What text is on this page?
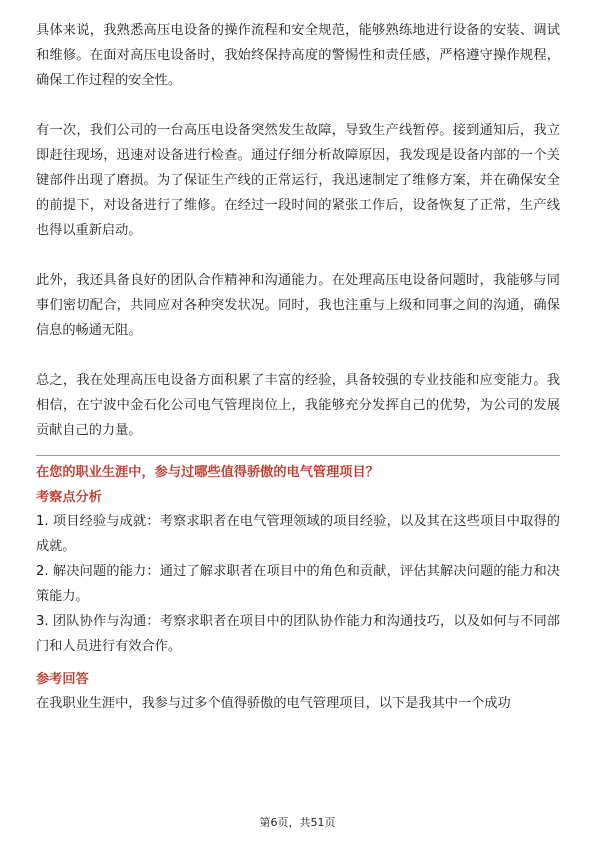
具体来说，我熟悉高压电设备的操作流程和安全规范，能够熟练地进行设备的安装、调试和维修。在面对高压电设备时，我始终保持高度的警惕性和责任感，严格遵守操作规程，确保工作过程的安全性。

有一次，我们公司的一台高压电设备突然发生故障，导致生产线暂停。接到通知后，我立即赶往现场，迅速对设备进行检查。通过仔细分析故障原因，我发现是设备内部的一个关键部件出现了磨损。为了保证生产线的正常运行，我迅速制定了维修方案，并在确保安全的前提下，对设备进行了维修。在经过一段时间的紧张工作后，设备恢复了正常，生产线也得以重新启动。

此外，我还具备良好的团队合作精神和沟通能力。在处理高压电设备问题时，我能够与同事们密切配合，共同应对各种突发状况。同时，我也注重与上级和同事之间的沟通，确保信息的畅通无阻。

总之，我在处理高压电设备方面积累了丰富的经验，具备较强的专业技能和应变能力。我相信，在宁波中金石化公司电气管理岗位上，我能够充分发挥自己的优势，为公司的发展贡献自己的力量。

在您的职业生涯中，参与过哪些值得骄傲的电气管理项目？
考察点分析

1. 项目经验与成就：考察求职者在电气管理领域的项目经验，以及其在这些项目中取得的成就。

2. 解决问题的能力：通过了解求职者在项目中的角色和贡献，评估其解决问题的能力和决策能力。

3. 团队协作与沟通：考察求职者在项目中的团队协作能力和沟通技巧，以及如何与不同部门和人员进行有效合作。

参考回答

在我职业生涯中，我参与过多个值得骄傲的电气管理项目，以下是我其中一个成功

第6页，共51页
